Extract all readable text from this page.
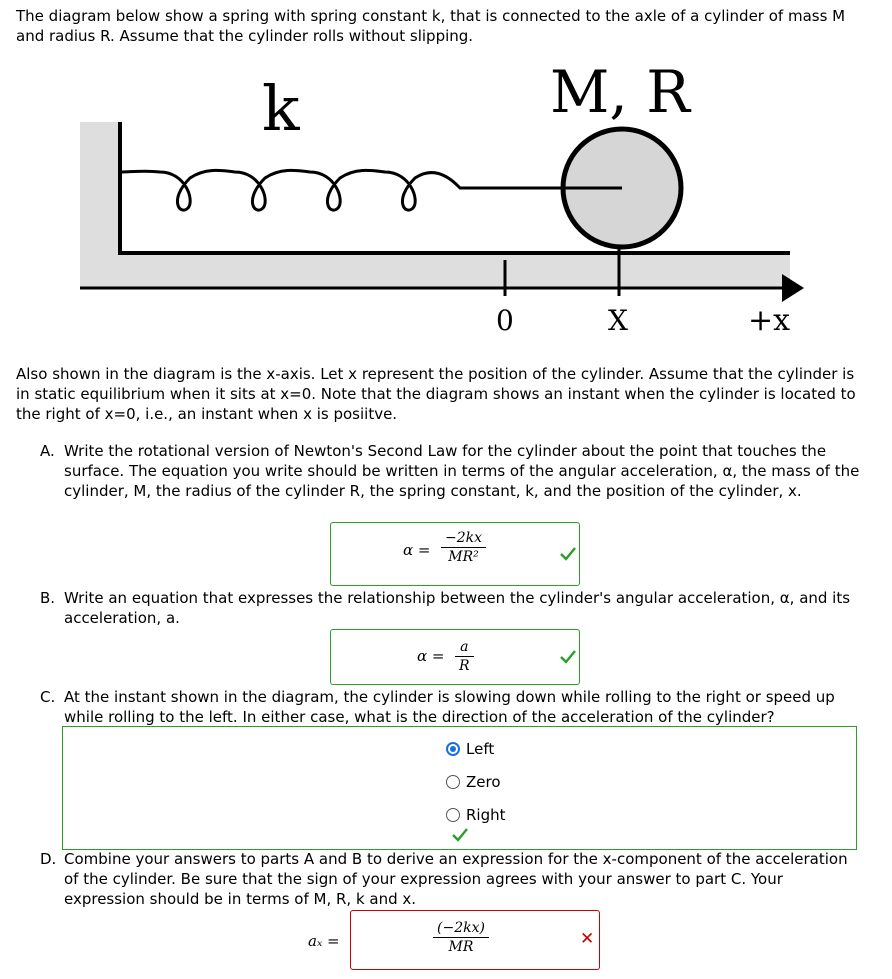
The diagram below show a spring with spring constant k, that is connected to the axle of a cylinder of mass M and radius R. Assume that the cylinder rolls without slipping.

k	M, R
0	X	+x

Also shown in the diagram is the x-axis. Let x represent the position of the cylinder. Assume that the cylinder is in static equilibrium when it sits at x=0. Note that the diagram shows an instant when the cylinder is located to the right of x=0, i.e., an instant when x is posiitve.

A. Write the rotational version of Newton's Second Law for the cylinder about the point that touches the surface. The equation you write should be written in terms of the angular acceleration, α, the mass of the cylinder, M, the radius of the cylinder R, the spring constant, k, and the position of the cylinder, x.
$\alpha = \frac{-2kx}{\text{MR²}}$
B. Write an equation that expresses the relationship between the cylinder's angular acceleration, α, and its acceleration, a.
$\alpha = \frac{a}{R}$
C. At the instant shown in the diagram, the cylinder is slowing down while rolling to the right or speed up while rolling to the left. In either case, what is the direction of the acceleration of the cylinder?
Left
Zero
Right
D. Combine your answers to parts A and B to derive an expression for the x-component of the acceleration of the cylinder. Be sure that the sign of your expression agrees with your answer to part C. Your expression should be in terms of M, R, k and x.
aₓ =	$\frac{(-2kx)}{MR}$	✕
